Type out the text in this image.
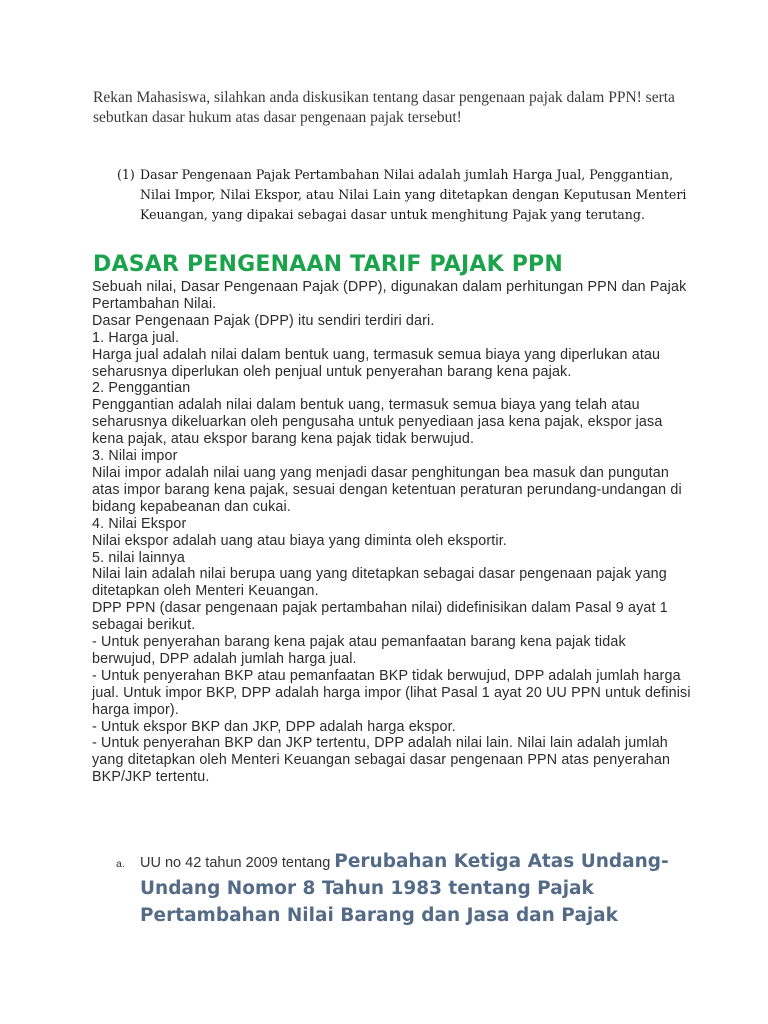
Rekan Mahasiswa, silahkan anda diskusikan tentang dasar pengenaan pajak dalam PPN! serta sebutkan dasar hukum atas dasar pengenaan pajak tersebut!
(1) Dasar Pengenaan Pajak Pertambahan Nilai adalah jumlah Harga Jual, Penggantian, Nilai Impor, Nilai Ekspor, atau Nilai Lain yang ditetapkan dengan Keputusan Menteri Keuangan, yang dipakai sebagai dasar untuk menghitung Pajak yang terutang.
DASAR PENGENAAN TARIF PAJAK PPN

Sebuah nilai, Dasar Pengenaan Pajak (DPP), digunakan dalam perhitungan PPN dan Pajak Pertambahan Nilai.

Dasar Pengenaan Pajak (DPP) itu sendiri terdiri dari.

1. Harga jual.

Harga jual adalah nilai dalam bentuk uang, termasuk semua biaya yang diperlukan atau seharusnya diperlukan oleh penjual untuk penyerahan barang kena pajak.

2. Penggantian

Penggantian adalah nilai dalam bentuk uang, termasuk semua biaya yang telah atau seharusnya dikeluarkan oleh pengusaha untuk penyediaan jasa kena pajak, ekspor jasa kena pajak, atau ekspor barang kena pajak tidak berwujud.

3. Nilai impor

Nilai impor adalah nilai uang yang menjadi dasar penghitungan bea masuk dan pungutan atas impor barang kena pajak, sesuai dengan ketentuan peraturan perundang-undangan di bidang kepabeanan dan cukai.

4. Nilai Ekspor

Nilai ekspor adalah uang atau biaya yang diminta oleh eksportir.

5. nilai lainnya

Nilai lain adalah nilai berupa uang yang ditetapkan sebagai dasar pengenaan pajak yang ditetapkan oleh Menteri Keuangan.

DPP PPN (dasar pengenaan pajak pertambahan nilai) didefinisikan dalam Pasal 9 ayat 1 sebagai berikut.

- Untuk penyerahan barang kena pajak atau pemanfaatan barang kena pajak tidak berwujud, DPP adalah jumlah harga jual.

- Untuk penyerahan BKP atau pemanfaatan BKP tidak berwujud, DPP adalah jumlah harga jual. Untuk impor BKP, DPP adalah harga impor (lihat Pasal 1 ayat 20 UU PPN untuk definisi harga impor).

- Untuk ekspor BKP dan JKP, DPP adalah harga ekspor.

- Untuk penyerahan BKP dan JKP tertentu, DPP adalah nilai lain. Nilai lain adalah jumlah yang ditetapkan oleh Menteri Keuangan sebagai dasar pengenaan PPN atas penyerahan BKP/JKP tertentu.

a.	UU no 42 tahun 2009 tentang Perubahan Ketiga Atas Undang-Undang Nomor 8 Tahun 1983 tentang Pajak Pertambahan Nilai Barang dan Jasa dan Pajak
